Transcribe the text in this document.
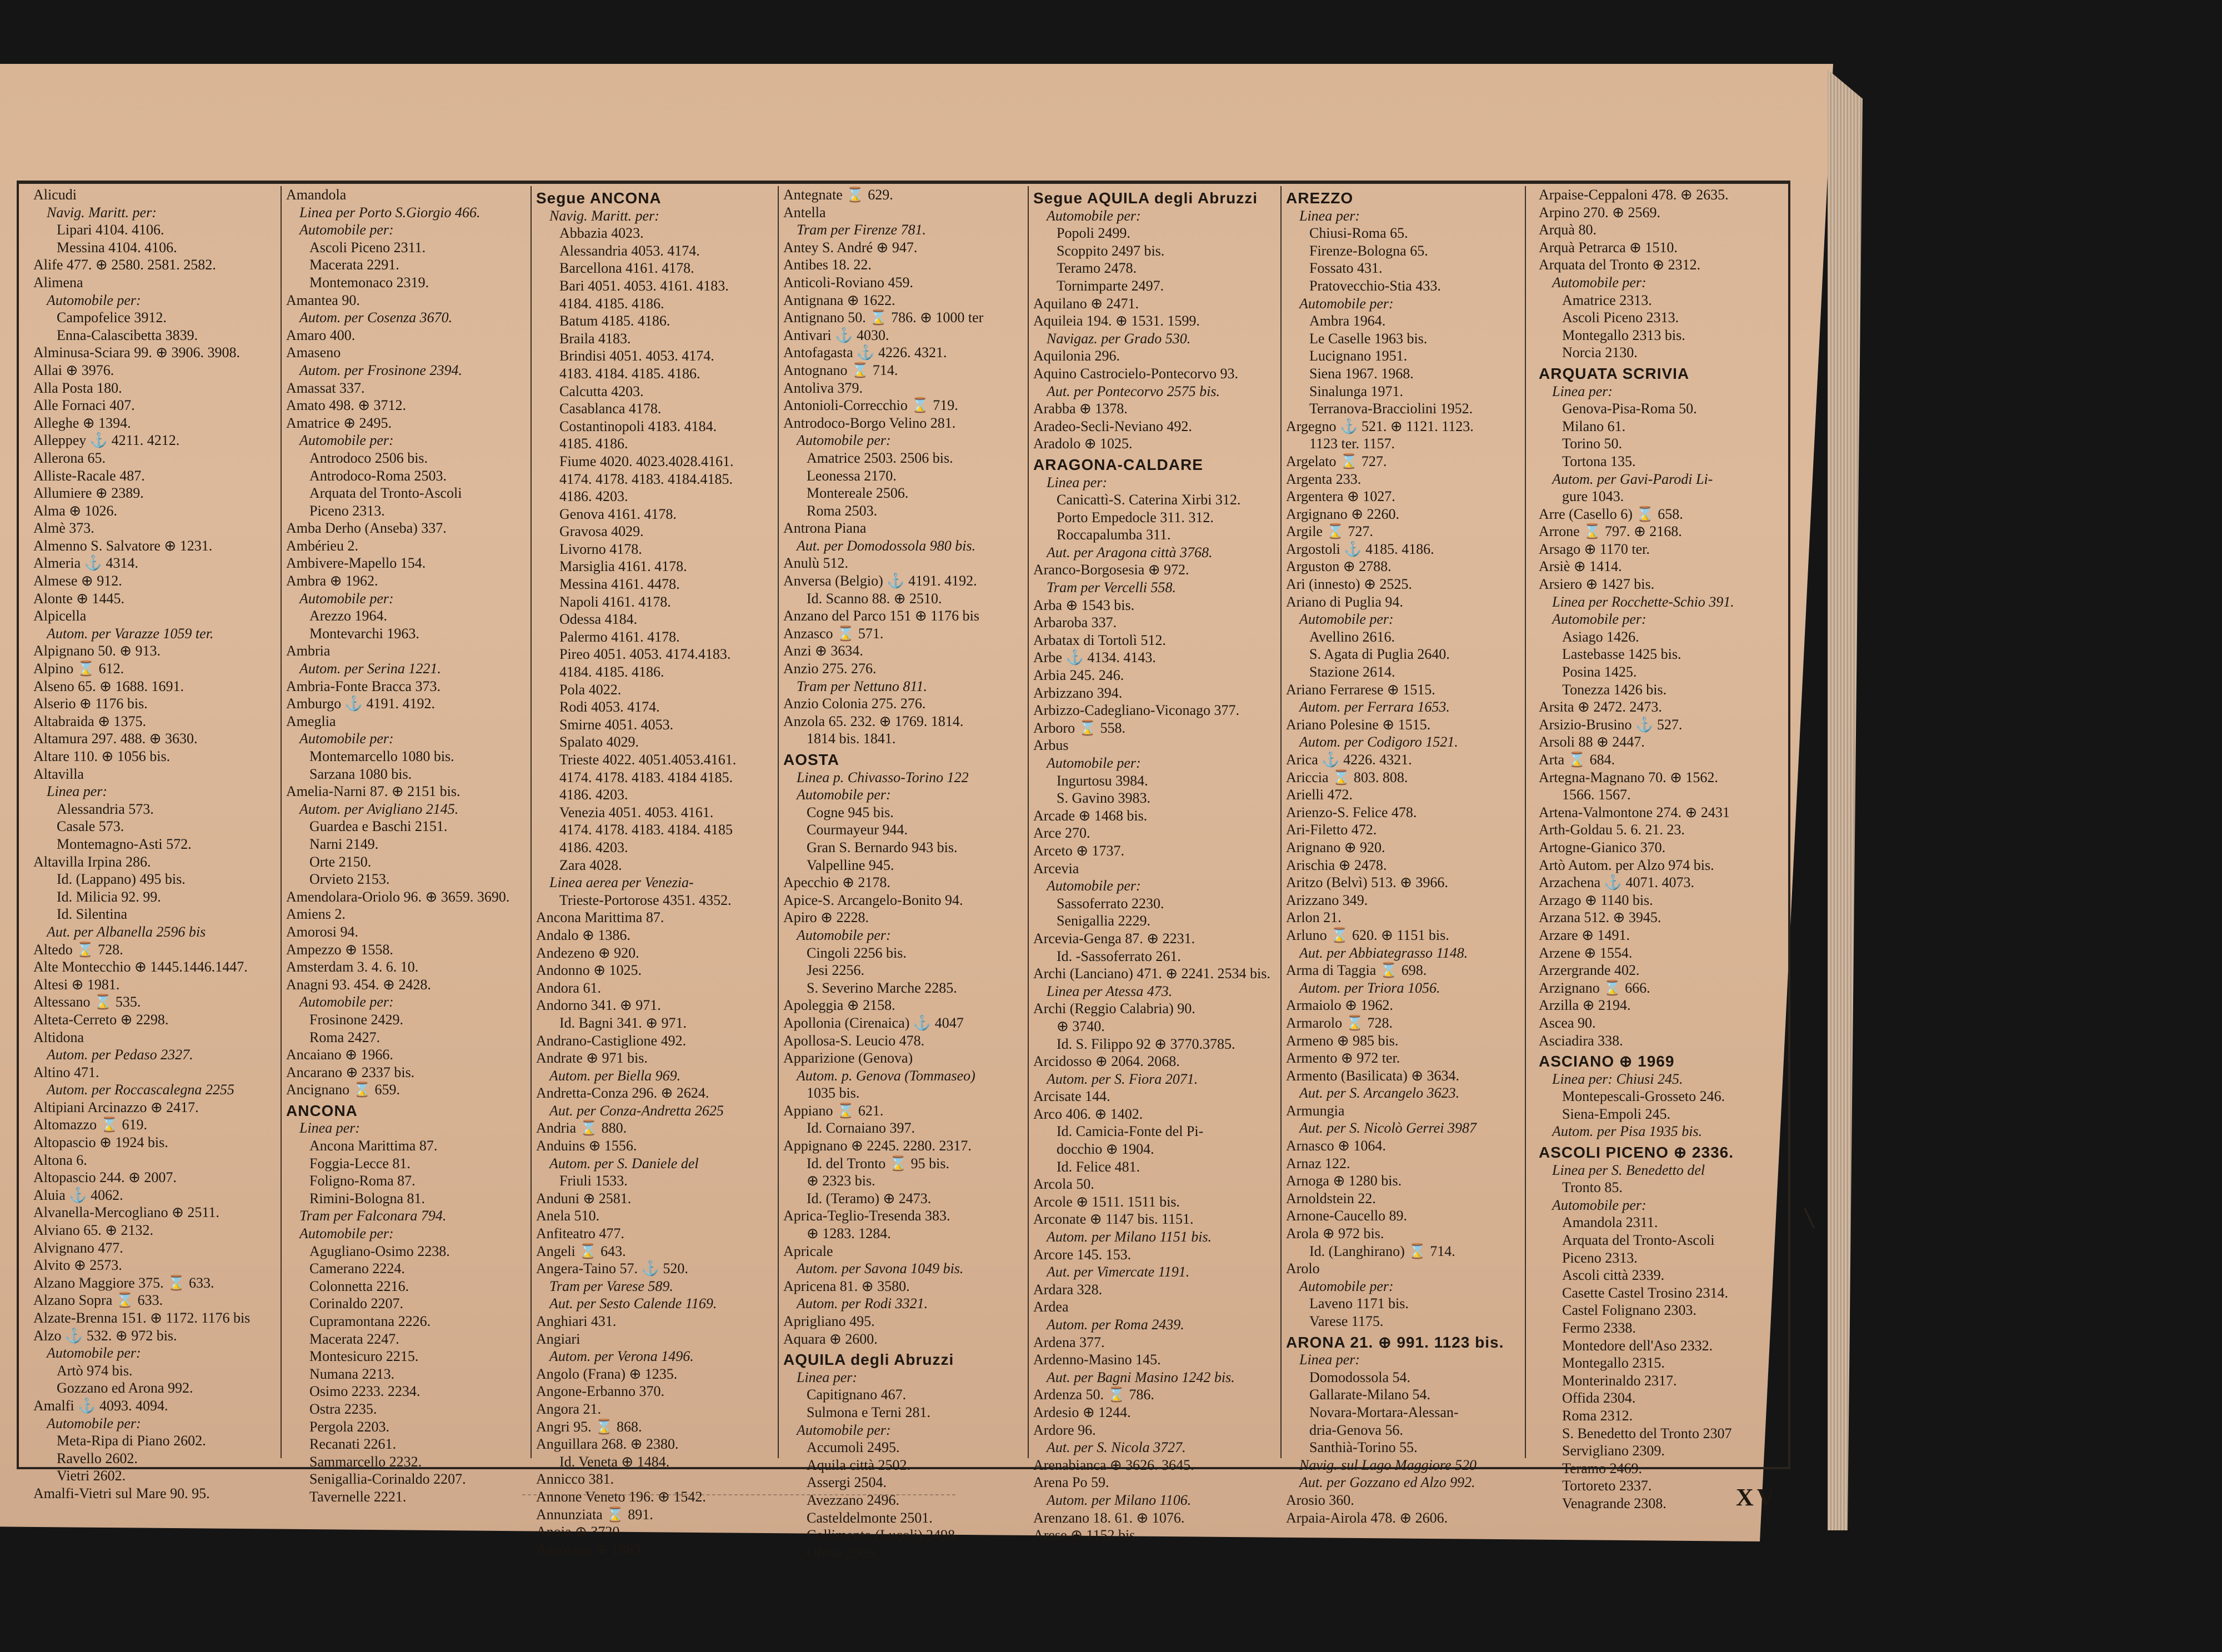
Alicudi
Navig. Maritt. per:
Lipari 4104. 4106.
Messina 4104. 4106.
Alife 477. ⊕ 2580. 2581. 2582.
Alimena
Automobile per:
Campofelice 3912.
Enna-Calascibetta 3839.
Alminusa-Sciara 99. ⊕ 3906. 3908.
Allai ⊕ 3976.
Alla Posta 180.
Alle Fornaci 407.
Alleghe ⊕ 1394.
Alleppey ⚓ 4211. 4212.
Allerona 65.
Alliste-Racale 487.
Allumiere ⊕ 2389.
Alma ⊕ 1026.
Almè 373.
Almenno S. Salvatore ⊕ 1231.
Almeria ⚓ 4314.
Almese ⊕ 912.
Alonte ⊕ 1445.
Alpicella
Autom. per Varazze 1059 ter.
Alpignano 50. ⊕ 913.
Alpino ⌛ 612.
Alseno 65. ⊕ 1688. 1691.
Alserio ⊕ 1176 bis.
Altabraida ⊕ 1375.
Altamura 297. 488. ⊕ 3630.
Altare 110. ⊕ 1056 bis.
Altavilla
Linea per:
Alessandria 573.
Casale 573.
Montemagno-Asti 572.
Altavilla Irpina 286.
Id. (Lappano) 495 bis.
Id. Milicia 92. 99.
Id. Silentina
Aut. per Albanella 2596 bis
Altedo ⌛ 728.
Alte Montecchio ⊕ 1445.1446.1447.
Altesi ⊕ 1981.
Altessano ⌛ 535.
Alteta-Cerreto ⊕ 2298.
Altidona
Autom. per Pedaso 2327.
Altino 471.
Autom. per Roccascalegna 2255
Altipiani Arcinazzo ⊕ 2417.
Altomazzo ⌛ 619.
Altopascio ⊕ 1924 bis.
Altona 6.
Altopascio 244. ⊕ 2007.
Aluia ⚓ 4062.
Alvanella-Mercogliano ⊕ 2511.
Alviano 65. ⊕ 2132.
Alvignano 477.
Alvito ⊕ 2573.
Alzano Maggiore 375. ⌛ 633.
Alzano Sopra ⌛ 633.
Alzate-Brenna 151. ⊕ 1172. 1176 bis
Alzo ⚓ 532. ⊕ 972 bis.
Automobile per:
Artò 974 bis.
Gozzano ed Arona 992.
Amalfi ⚓ 4093. 4094.
Automobile per:
Meta-Ripa di Piano 2602.
Ravello 2602.
Vietri 2602.
Amalfi-Vietri sul Mare 90. 95.
Amandola
Linea per Porto S.Giorgio 466.
Automobile per:
Ascoli Piceno 2311.
Macerata 2291.
Montemonaco 2319.
Amantea 90.
Autom. per Cosenza 3670.
Amaro 400.
Amaseno
Autom. per Frosinone 2394.
Amassat 337.
Amato 498. ⊕ 3712.
Amatrice ⊕ 2495.
Automobile per:
Antrodoco 2506 bis.
Antrodoco-Roma 2503.
Arquata del Tronto-Ascoli
Piceno 2313.
Amba Derho (Anseba) 337.
Ambérieu 2.
Ambivere-Mapello 154.
Ambra ⊕ 1962.
Automobile per:
Arezzo 1964.
Montevarchi 1963.
Ambria
Autom. per Serina 1221.
Ambria-Fonte Bracca 373.
Amburgo ⚓ 4191. 4192.
Ameglia
Automobile per:
Montemarcello 1080 bis.
Sarzana 1080 bis.
Amelia-Narni 87. ⊕ 2151 bis.
Autom. per Avigliano 2145.
Guardea e Baschi 2151.
Narni 2149.
Orte 2150.
Orvieto 2153.
Amendolara-Oriolo 96. ⊕ 3659. 3690.
Amiens 2.
Amorosi 94.
Ampezzo ⊕ 1558.
Amsterdam 3. 4. 6. 10.
Anagni 93. 454. ⊕ 2428.
Automobile per:
Frosinone 2429.
Roma 2427.
Ancaiano ⊕ 1966.
Ancarano ⊕ 2337 bis.
Ancignano ⌛ 659.
ANCONA
Linea per:
Ancona Marittima 87.
Foggia-Lecce 81.
Foligno-Roma 87.
Rimini-Bologna 81.
Tram per Falconara 794.
Automobile per:
Agugliano-Osimo 2238.
Camerano 2224.
Colonnetta 2216.
Corinaldo 2207.
Cupramontana 2226.
Macerata 2247.
Montesicuro 2215.
Numana 2213.
Osimo 2233. 2234.
Ostra 2235.
Pergola 2203.
Recanati 2261.
Sammarcello 2232.
Senigallia-Corinaldo 2207.
Tavernelle 2221.
Segue ANCONA
Navig. Maritt. per:
Abbazia 4023.
Alessandria 4053. 4174.
Barcellona 4161. 4178.
Bari 4051. 4053. 4161. 4183.
4184. 4185. 4186.
Batum 4185. 4186.
Braila 4183.
Brindisi 4051. 4053. 4174.
4183. 4184. 4185. 4186.
Calcutta 4203.
Casablanca 4178.
Costantinopoli 4183. 4184.
4185. 4186.
Fiume 4020. 4023.4028.4161.
4174. 4178. 4183. 4184.4185.
4186. 4203.
Genova 4161. 4178.
Gravosa 4029.
Livorno 4178.
Marsiglia 4161. 4178.
Messina 4161. 4478.
Napoli 4161. 4178.
Odessa 4184.
Palermo 4161. 4178.
Pireo 4051. 4053. 4174.4183.
4184. 4185. 4186.
Pola 4022.
Rodi 4053. 4174.
Smirne 4051. 4053.
Spalato 4029.
Trieste 4022. 4051.4053.4161.
4174. 4178. 4183. 4184 4185.
4186. 4203.
Venezia 4051. 4053. 4161.
4174. 4178. 4183. 4184. 4185
4186. 4203.
Zara 4028.
Linea aerea per Venezia-
Trieste-Portorose 4351. 4352.
Ancona Marittima 87.
Andalo ⊕ 1386.
Andezeno ⊕ 920.
Andonno ⊕ 1025.
Andora 61.
Andorno 341. ⊕ 971.
Id. Bagni 341. ⊕ 971.
Andrano-Castiglione 492.
Andrate ⊕ 971 bis.
Autom. per Biella 969.
Andretta-Conza 296. ⊕ 2624.
Aut. per Conza-Andretta 2625
Andria ⌛ 880.
Anduins ⊕ 1556.
Autom. per S. Daniele del
Friuli 1533.
Anduni ⊕ 2581.
Anela 510.
Anfiteatro 477.
Angeli ⌛ 643.
Angera-Taino 57. ⚓ 520.
Tram per Varese 589.
Aut. per Sesto Calende 1169.
Anghiari 431.
Angiari
Autom. per Verona 1496.
Angolo (Frana) ⊕ 1235.
Angone-Erbanno 370.
Angora 21.
Angri 95. ⌛ 868.
Anguillara 268. ⊕ 2380.
Id. Veneta ⊕ 1484.
Annicco 381.
Annone Veneto 196. ⊕ 1542.
Annunziata ⌛ 891.
Anoia ⊕ 3720.
Ansovino ⊕ 1869.
Antegnate ⌛ 629.
Antella
Tram per Firenze 781.
Antey S. André ⊕ 947.
Antibes 18. 22.
Anticoli-Roviano 459.
Antignana ⊕ 1622.
Antignano 50. ⌛ 786. ⊕ 1000 ter
Antivari ⚓ 4030.
Antofagasta ⚓ 4226. 4321.
Antognano ⌛ 714.
Antoliva 379.
Antonioli-Correcchio ⌛ 719.
Antrodoco-Borgo Velino 281.
Automobile per:
Amatrice 2503. 2506 bis.
Leonessa 2170.
Montereale 2506.
Roma 2503.
Antrona Piana
Aut. per Domodossola 980 bis.
Anulù 512.
Anversa (Belgio) ⚓ 4191. 4192.
Id. Scanno 88. ⊕ 2510.
Anzano del Parco 151 ⊕ 1176 bis
Anzasco ⌛ 571.
Anzi ⊕ 3634.
Anzio 275. 276.
Tram per Nettuno 811.
Anzio Colonia 275. 276.
Anzola 65. 232. ⊕ 1769. 1814.
1814 bis. 1841.
AOSTA
Linea p. Chivasso-Torino 122
Automobile per:
Cogne 945 bis.
Courmayeur 944.
Gran S. Bernardo 943 bis.
Valpelline 945.
Apecchio ⊕ 2178.
Apice-S. Arcangelo-Bonito 94.
Apiro ⊕ 2228.
Automobile per:
Cingoli 2256 bis.
Jesi 2256.
S. Severino Marche 2285.
Apoleggia ⊕ 2158.
Apollonia (Cirenaica) ⚓ 4047
Apollosa-S. Leucio 478.
Apparizione (Genova)
Autom. p. Genova (Tommaseo)
1035 bis.
Appiano ⌛ 621.
Id. Cornaiano 397.
Appignano ⊕ 2245. 2280. 2317.
Id. del Tronto ⌛ 95 bis.
⊕ 2323 bis.
Id. (Teramo) ⊕ 2473.
Aprica-Teglio-Tresenda 383.
⊕ 1283. 1284.
Apricale
Autom. per Savona 1049 bis.
Apricena 81. ⊕ 3580.
Autom. per Rodi 3321.
Aprigliano 495.
Aquara ⊕ 2600.
AQUILA degli Abruzzi
Linea per:
Capitignano 467.
Sulmona e Terni 281.
Automobile per:
Accumoli 2495.
Aquila città 2502.
Assergi 2504.
Avezzano 2496.
Casteldelmonte 2501.
Collimento (Lucoli) 2498.
Ofena 2505.
Segue AQUILA degli Abruzzi
Automobile per:
Popoli 2499.
Scoppito 2497 bis.
Teramo 2478.
Tornimparte 2497.
Aquilano ⊕ 2471.
Aquileia 194. ⊕ 1531. 1599.
Navigaz. per Grado 530.
Aquilonia 296.
Aquino Castrocielo-Pontecorvo 93.
Aut. per Pontecorvo 2575 bis.
Arabba ⊕ 1378.
Aradeo-Secli-Neviano 492.
Aradolo ⊕ 1025.
ARAGONA-CALDARE
Linea per:
Canicattì-S. Caterina Xirbi 312.
Porto Empedocle 311. 312.
Roccapalumba 311.
Aut. per Aragona città 3768.
Aranco-Borgosesia ⊕ 972.
Tram per Vercelli 558.
Arba ⊕ 1543 bis.
Arbaroba 337.
Arbatax di Tortolì 512.
Arbe ⚓ 4134. 4143.
Arbia 245. 246.
Arbizzano 394.
Arbizzo-Cadegliano-Viconago 377.
Arboro ⌛ 558.
Arbus
Automobile per:
Ingurtosu 3984.
S. Gavino 3983.
Arcade ⊕ 1468 bis.
Arce 270.
Arceto ⊕ 1737.
Arcevia
Automobile per:
Sassoferrato 2230.
Senigallia 2229.
Arcevia-Genga 87. ⊕ 2231.
Id. -Sassoferrato 261.
Archi (Lanciano) 471. ⊕ 2241. 2534 bis.
Linea per Atessa 473.
Archi (Reggio Calabria) 90.
⊕ 3740.
Id. S. Filippo 92 ⊕ 3770.3785.
Arcidosso ⊕ 2064. 2068.
Autom. per S. Fiora 2071.
Arcisate 144.
Arco 406. ⊕ 1402.
Id. Camicia-Fonte del Pi-
docchio ⊕ 1904.
Id. Felice 481.
Arcola 50.
Arcole ⊕ 1511. 1511 bis.
Arconate ⊕ 1147 bis. 1151.
Autom. per Milano 1151 bis.
Arcore 145. 153.
Aut. per Vimercate 1191.
Ardara 328.
Ardea
Autom. per Roma 2439.
Ardena 377.
Ardenno-Masino 145.
Aut. per Bagni Masino 1242 bis.
Ardenza 50. ⌛ 786.
Ardesio ⊕ 1244.
Ardore 96.
Aut. per S. Nicola 3727.
Arenabianca ⊕ 3626. 3645.
Arena Po 59.
Autom. per Milano 1106.
Arenzano 18. 61. ⊕ 1076.
Arese ⊕ 1152 bis.
AREZZO
Linea per:
Chiusi-Roma 65.
Firenze-Bologna 65.
Fossato 431.
Pratovecchio-Stia 433.
Automobile per:
Ambra 1964.
Le Caselle 1963 bis.
Lucignano 1951.
Siena 1967. 1968.
Sinalunga 1971.
Terranova-Bracciolini 1952.
Argegno ⚓ 521. ⊕ 1121. 1123.
1123 ter. 1157.
Argelato ⌛ 727.
Argenta 233.
Argentera ⊕ 1027.
Argignano ⊕ 2260.
Argile ⌛ 727.
Argostoli ⚓ 4185. 4186.
Arguston ⊕ 2788.
Ari (innesto) ⊕ 2525.
Ariano di Puglia 94.
Automobile per:
Avellino 2616.
S. Agata di Puglia 2640.
Stazione 2614.
Ariano Ferrarese ⊕ 1515.
Autom. per Ferrara 1653.
Ariano Polesine ⊕ 1515.
Autom. per Codigoro 1521.
Arica ⚓ 4226. 4321.
Ariccia ⌛ 803. 808.
Arielli 472.
Arienzo-S. Felice 478.
Ari-Filetto 472.
Arignano ⊕ 920.
Arischia ⊕ 2478.
Aritzo (Belvì) 513. ⊕ 3966.
Arizzano 349.
Arlon 21.
Arluno ⌛ 620. ⊕ 1151 bis.
Aut. per Abbiategrasso 1148.
Arma di Taggia ⌛ 698.
Autom. per Triora 1056.
Armaiolo ⊕ 1962.
Armarolo ⌛ 728.
Armeno ⊕ 985 bis.
Armento ⊕ 972 ter.
Armento (Basilicata) ⊕ 3634.
Aut. per S. Arcangelo 3623.
Armungia
Aut. per S. Nicolò Gerrei 3987
Arnasco ⊕ 1064.
Arnaz 122.
Arnoga ⊕ 1280 bis.
Arnoldstein 22.
Arnone-Caucello 89.
Arola ⊕ 972 bis.
Id. (Langhirano) ⌛ 714.
Arolo
Automobile per:
Laveno 1171 bis.
Varese 1175.
ARONA 21. ⊕ 991. 1123 bis.
Linea per:
Domodossola 54.
Gallarate-Milano 54.
Novara-Mortara-Alessan-
dria-Genova 56.
Santhià-Torino 55.
Navig. sul Lago Maggiore 520
Aut. per Gozzano ed Alzo 992.
Arosio 360.
Arpaia-Airola 478. ⊕ 2606.
Arpaise-Ceppaloni 478. ⊕ 2635.
Arpino 270. ⊕ 2569.
Arquà 80.
Arquà Petrarca ⊕ 1510.
Arquata del Tronto ⊕ 2312.
Automobile per:
Amatrice 2313.
Ascoli Piceno 2313.
Montegallo 2313 bis.
Norcia 2130.
ARQUATA SCRIVIA
Linea per:
Genova-Pisa-Roma 50.
Milano 61.
Torino 50.
Tortona 135.
Autom. per Gavi-Parodi Li-
gure 1043.
Arre (Casello 6) ⌛ 658.
Arrone ⌛ 797. ⊕ 2168.
Arsago ⊕ 1170 ter.
Arsiè ⊕ 1414.
Arsiero ⊕ 1427 bis.
Linea per Rocchette-Schio 391.
Automobile per:
Asiago 1426.
Lastebasse 1425 bis.
Posina 1425.
Tonezza 1426 bis.
Arsita ⊕ 2472. 2473.
Arsizio-Brusino ⚓ 527.
Arsoli 88 ⊕ 2447.
Arta ⌛ 684.
Artegna-Magnano 70. ⊕ 1562.
1566. 1567.
Artena-Valmontone 274. ⊕ 2431
Arth-Goldau 5. 6. 21. 23.
Artogne-Gianico 370.
Artò Autom. per Alzo 974 bis.
Arzachena ⚓ 4071. 4073.
Arzago ⊕ 1140 bis.
Arzana 512. ⊕ 3945.
Arzare ⊕ 1491.
Arzene ⊕ 1554.
Arzergrande 402.
Arzignano ⌛ 666.
Arzilla ⊕ 2194.
Ascea 90.
Asciadira 338.
ASCIANO ⊕ 1969
Linea per: Chiusi 245.
Montepescali-Grosseto 246.
Siena-Empoli 245.
Autom. per Pisa 1935 bis.
ASCOLI PICENO ⊕ 2336.
Linea per S. Benedetto del
Tronto 85.
Automobile per:
Amandola 2311.
Arquata del Tronto-Ascoli
Piceno 2313.
Ascoli città 2339.
Casette Castel Trosino 2314.
Castel Folignano 2303.
Fermo 2338.
Montedore dell'Aso 2332.
Montegallo 2315.
Monterinaldo 2317.
Offida 2304.
Roma 2312.
S. Benedetto del Tronto 2307
Servigliano 2309.
Teramo 2469.
Tortoreto 2337.
Venagrande 2308.	XV
